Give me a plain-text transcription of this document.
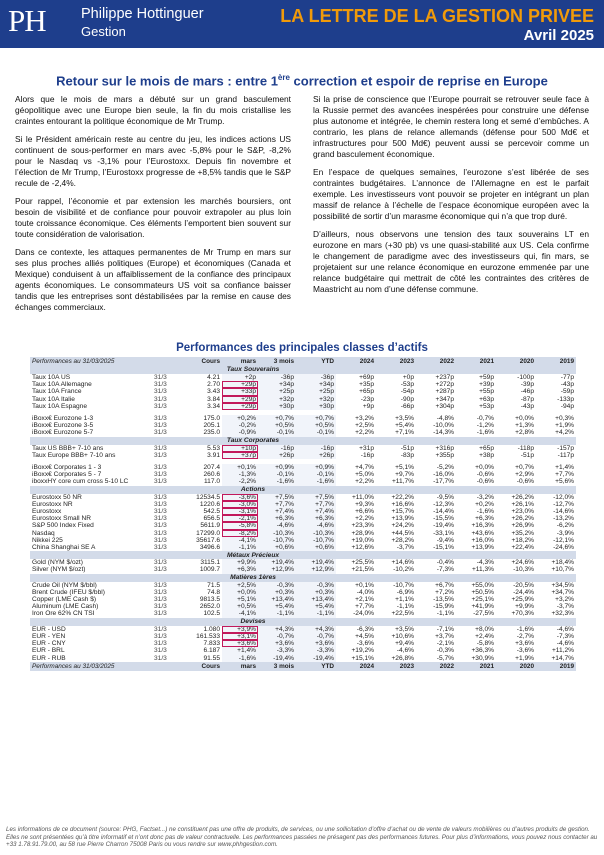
PH Philippe Hottinguer
Gestion
LA LETTRE DE LA GESTION PRIVEE
Avril 2025
Retour sur le mois de mars : entre 1ère correction et espoir de reprise en Europe

Alors que le mois de mars a débuté sur un grand basculement géopolitique avec une Europe bien seule, la fin du mois cristallise les craintes entourant la politique économique de Mr Trump.

Si le Président américain reste au centre du jeu, les indices actions US continuent de sous-performer en mars avec -5,8% pour le S&P, -8,2% pour le Nasdaq vs -3,1% pour l’Eurostoxx. Depuis fin novembre et l’élection de Mr Trump, l’Eurostoxx progresse de +8,5% tandis que le S&P recule de -2,4%.

Pour rappel, l’économie et par extension les marchés boursiers, ont besoin de visibilité et de confiance pour pouvoir extrapoler au plus loin toute croissance économique. Ces éléments l’emportent bien souvent sur toute considération de valorisation.

Dans ce contexte, les attaques permanentes de Mr Trump en mars sur ses plus proches alliés politiques (Europe) et économiques (Canada et Mexique) conduisent à un affaiblissement de la confiance des principaux agents économiques. Le consommateurs US voit sa confiance baisser tandis que les entreprises sont déstabilisées par la remise en cause des échanges commerciaux.

Si la prise de conscience que l’Europe pourrait se retrouver seule face à la Russie permet des avancées inespérées pour construire une défense plus autonome et intégrée, le chemin restera long et semé d’embûches. A contrario, les plans de relance allemands (défense pour 500 Md€ et infrastructures pour 500 Md€) peuvent aussi se percevoir comme un grand basculement économique.

En l’espace de quelques semaines, l’eurozone s’est libérée de ses contraintes budgétaires. L’annonce de l’Allemagne en est le parfait exemple. Les investisseurs vont pouvoir se projeter en intégrant un plan massif de relance à l’échelle de l’espace économique européen avec la possibilité de sortir d’un marasme économique qui n’a que trop duré.

D’ailleurs, nous observons une tension des taux souverains LT en eurozone en mars (+30 pb) vs une quasi-stabilité aux US. Cela confirme le changement de paradigme avec des investisseurs qui, fin mars, se projetaient sur une relance économique en eurozone emmenée par une relance budgétaire qui mettrait de côté les contraintes des critères de Maastricht au nom d’une défense commune.

Performances des principales classes d’actifs
Performances au 31/03/2025		Cours	mars	3 mois	YTD	2024	2023	2022	2021	2020	2019
		Taux Souverains									
Taux 10A US	31/3	4.21	+2p	-36p	-36p	+69p	+0p	+237p	+59p	-100p	-77p
Taux 10A Allemagne	31/3	2.70	+29p	+34p	+34p	+35p	-53p	+272p	+39p	-39p	-43p
Taux 10A France	31/3	3.43	+33p	+25p	+25p	+65p	-54p	+287p	+55p	-46p	-59p
Taux 10A Italie	31/3	3.84	+29p	+32p	+32p	-23p	-90p	+347p	+63p	-87p	-133p
Taux 10A Espagne	31/3	3.34	+29p	+30p	+30p	+9p	-66p	+304p	+53p	-43p	-94p

iBoxx€ Eurozone 1-3	31/3	175.0	+0,2%	+0,7%	+0,7%	+3,2%	+3,5%	-4,8%	-0,7%	+0,0%	+0,3%
iBoxx€ Eurozone 3-5	31/3	205.1	-0,2%	+0,5%	+0,5%	+2,5%	+5,4%	-10,0%	-1,2%	+1,3%	+1,9%
iBoxx€ Eurozone 5-7	31/3	235.0	-0,9%	-0,1%	-0,1%	+2,2%	+7,1%	-14,3%	-1,6%	+2,8%	+4,2%
		Taux Corporates									
Taux US BBB+ 7-10 ans	31/3	5.53	+10p	-16p	-16p	+31p	-51p	+316p	+65p	-118p	-157p
Taux Europe BBB+ 7-10 ans	31/3	3.91	+37p	+26p	+26p	-16p	-83p	+355p	+38p	-51p	-117p

iBoxx€ Corporates 1 - 3	31/3	207.4	+0,1%	+0,9%	+0,9%	+4,7%	+5,1%	-5,2%	+0,0%	+0,7%	+1,4%
iBoxx€ Corporates 5 - 7	31/3	260.6	-1,3%	-0,1%	-0,1%	+5,0%	+9,7%	-16,0%	-0,6%	+2,9%	+7,7%
iboxxHY core cum cross 5-10 LC	31/3	117.0	-2,2%	-1,6%	-1,6%	+2,2%	+11,7%	-17,7%	-0,6%	-0,6%	+5,6%
		Actions									
Eurostoxx 50 NR	31/3	12534.5	-3,6%	+7,5%	+7,5%	+11,0%	+22,2%	-9,5%	-3,2%	+26,2%	-12,0%
Eurostoxx NR	31/3	1220.6	-3,0%	+7,7%	+7,7%	+9,3%	+16,6%	-12,3%	+0,2%	+26,1%	-12,7%
Eurostoxx	31/3	542.5	-3,1%	+7,4%	+7,4%	+6,6%	+15,7%	-14,4%	-1,6%	+23,0%	-14,6%
Eurostoxx Small NR	31/3	656.5	-2,1%	+6,3%	+6,3%	+2,2%	+13,9%	-15,5%	+6,3%	+26,2%	-13,2%
S&P 500 Index Fixed	31/3	5611.9	-5,8%	-4,6%	-4,6%	+23,3%	+24,2%	-19,4%	+16,3%	+26,9%	-6,2%
Nasdaq	31/3	17299.0	-8,2%	-10,3%	-10,3%	+28,9%	+44,5%	-33,1%	+43,6%	+35,2%	-3,9%
Nikkei 225	31/3	35617.6	-4,1%	-10,7%	-10,7%	+19,0%	+28,2%	-9,4%	+16,0%	+18,2%	-12,1%
China Shanghai SE A	31/3	3496.6	-1,1%	+0,6%	+0,6%	+12,6%	-3,7%	-15,1%	+13,9%	+22,4%	-24,6%
		Métaux Précieux									
Gold (NYM $/ozt)	31/3	3115.1	+9,9%	+19,4%	+19,4%	+25,5%	+14,6%	-0,4%	-4,3%	+24,6%	+18,4%
Silver (NYM $/ozt)	31/3	1009.7	+6,3%	+12,9%	+12,9%	+21,5%	-10,2%	-7,3%	+11,3%	-10,3%	+10,7%
		Matières 1ères									
Crude Oil (NYM $/bbl)	31/3	71.5	+2,5%	-0,3%	-0,3%	+0,1%	-10,7%	+6,7%	+55,0%	-20,5%	+34,5%
Brent Crude (IFEU $/bbl)	31/3	74.8	+0,0%	+0,3%	+0,3%	-4,0%	-6,9%	+7,2%	+50,5%	-24,4%	+34,7%
Copper (LME Cash $)	31/3	9813.5	+5,1%	+13,4%	+13,4%	+2,1%	+1,1%	-13,5%	+25,1%	+25,9%	+3,2%
Aluminum (LME Cash)	31/3	2652.0	+0,5%	+5,4%	+5,4%	+7,7%	-1,1%	-15,9%	+41,9%	+9,9%	-3,7%
Iron Ore 62% CN TSI	31/3	102.5	-4,1%	-1,1%	-1,1%	-24,0%	+22,5%	-1,1%	-27,5%	+70,3%	+32,3%
		Devises									
EUR - USD	31/3	1.080	+3,9%	+4,3%	+4,3%	-6,3%	+3,5%	-7,1%	+8,0%	-1,6%	-4,6%
EUR - YEN	31/3	161.533	+3,1%	-0,7%	-0,7%	+4,5%	+10,6%	+3,7%	+2,4%	-2,7%	-7,3%
EUR - CNY	31/3	7.833	+3,6%	+3,6%	+3,6%	-3,6%	+9,4%	-2,1%	-5,8%	+3,6%	-4,6%
EUR - BRL	31/3	6.187	+1,4%	-3,3%	-3,3%	+19,2%	-4,6%	-0,3%	+36,3%	-3,6%	+11,2%
EUR - RUB	31/3	91.55	-1,6%	-19,4%	-19,4%	+15,1%	+26,8%	-5,7%	+30,9%	+1,9%	+14,7%
Performances au 31/03/2025		Cours	mars	3 mois	YTD	2024	2023	2022	2021	2020	2019
Les informations de ce document (source: PHG, Factset...) ne constituent pas une offre de produits, de services, ou une sollicitation d’offre d’achat ou de vente de valeurs mobilières ou d’autres produits de gestion. Elles ne sont présentées qu’à titre informatif et n’ont donc pas de valeur contractuelle. Les performances passées ne présagent pas des performances futures. Pour plus d’informations, vous pouvez nous contacter au +33 1.78.91.79.00, au 58 rue Pierre Charron 75008 Paris ou vous rendre sur www.phhgestion.com.
